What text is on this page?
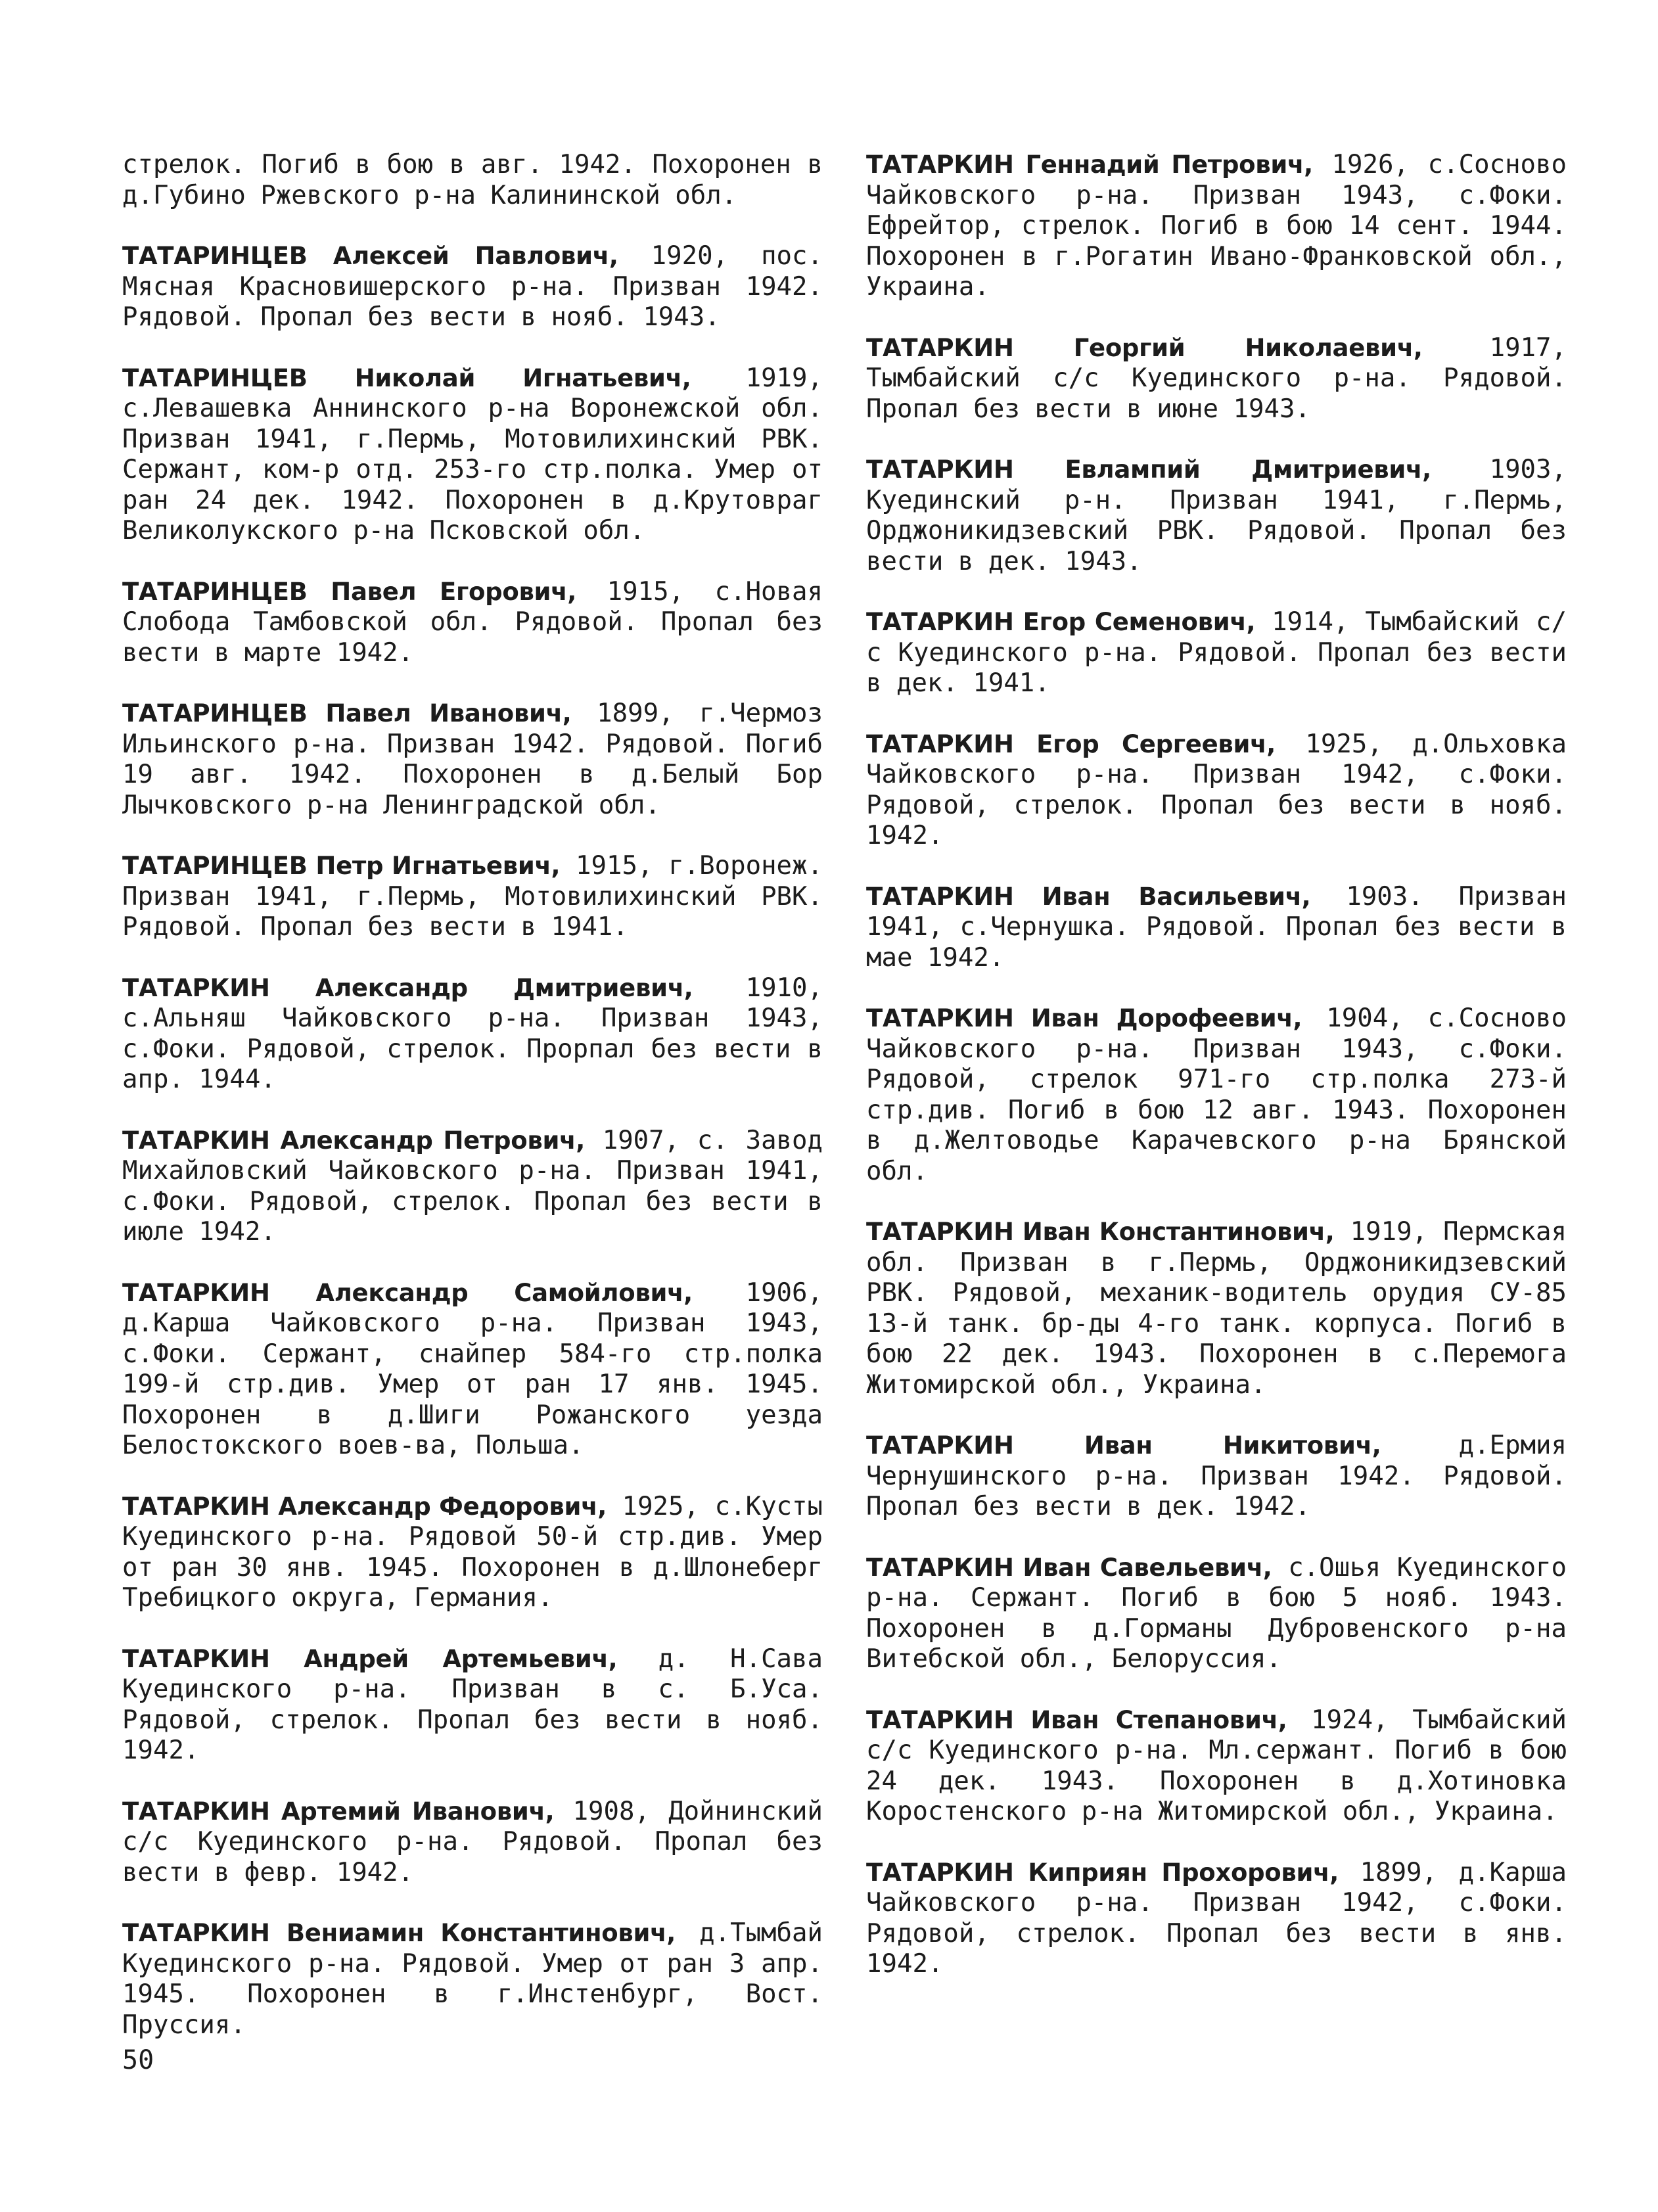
стрелок. Погиб в бою в авг. 1942. Похоронен в д.Губино Ржевского р-на Калининской обл.

ТАТАРИНЦЕВ Алексей Павлович, 1920, пос. Мясная Красновишерского р-на. Призван 1942. Рядовой. Пропал без вести в нояб. 1943.

ТАТАРИНЦЕВ Николай Игнатьевич, 1919, с.Левашевка Аннинского р-на Воронежской обл. Призван 1941, г.Пермь, Мотовилихинский РВК. Сержант, ком-р отд. 253-го стр.полка. Умер от ран 24 дек. 1942. Похоронен в д.Крутовраг Великолукского р-на Псковской обл.

ТАТАРИНЦЕВ Павел Егорович, 1915, с.Новая Слобода Тамбовской обл. Рядовой. Пропал без вести в марте 1942.

ТАТАРИНЦЕВ Павел Иванович, 1899, г.Чермоз Ильинского р-на. Призван 1942. Рядовой. Погиб 19 авг. 1942. Похоронен в д.Белый Бор Лычковского р-на Ленинградской обл.

ТАТАРИНЦЕВ Петр Игнатьевич, 1915, г.Воронеж. Призван 1941, г.Пермь, Мотовилихинский РВК. Рядовой. Пропал без вести в 1941.

ТАТАРКИН Александр Дмитриевич, 1910, с.Альняш Чайковского р-на. Призван 1943, с.Фоки. Рядовой, стрелок. Прорпал без вести в апр. 1944.

ТАТАРКИН Александр Петрович, 1907, с. Завод Михайловский Чайковского р-на. Призван 1941, с.Фоки. Рядовой, стрелок. Пропал без вести в июле 1942.

ТАТАРКИН Александр Самойлович, 1906, д.Карша Чайковского р-на. Призван 1943, с.Фоки. Сержант, снайпер 584-го стр.полка 199-й стр.див. Умер от ран 17 янв. 1945. Похоронен в д.Шиги Рожанского уезда Белостокского воев-ва, Польша.

ТАТАРКИН Александр Федорович, 1925, с.Кусты Куединского р-на. Рядовой 50-й стр.див. Умер от ран 30 янв. 1945. Похоронен в д.Шлонеберг Требицкого округа, Германия.

ТАТАРКИН Андрей Артемьевич, д. Н.Сава Куединского р-на. Призван в с. Б.Уса. Рядовой, стрелок. Пропал без вести в нояб. 1942.

ТАТАРКИН Артемий Иванович, 1908, Дойнинский с/с Куединского р-на. Рядовой. Пропал без вести в февр. 1942.

ТАТАРКИН Вениамин Константинович, д.Тымбай Куединского р-на. Рядовой. Умер от ран 3 апр. 1945. Похоронен в г.Инстенбург, Вост. Пруссия.

ТАТАРКИН Геннадий Петрович, 1926, с.Сосново Чайковского р-на. Призван 1943, с.Фоки. Ефрейтор, стрелок. Погиб в бою 14 сент. 1944. Похоронен в г.Рогатин Ивано-Франковской обл., Украина.

ТАТАРКИН Георгий Николаевич, 1917, Тымбайский с/с Куединского р-на. Рядовой. Пропал без вести в июне 1943.

ТАТАРКИН Евлампий Дмитриевич, 1903, Куединский р-н. Призван 1941, г.Пермь, Орджоникидзевский РВК. Рядовой. Пропал без вести в дек. 1943.

ТАТАРКИН Егор Семенович, 1914, Тымбайский с/с Куединского р-на. Рядовой. Пропал без вести в дек. 1941.

ТАТАРКИН Егор Сергеевич, 1925, д.Ольховка Чайковского р-на. Призван 1942, с.Фоки. Рядовой, стрелок. Пропал без вести в нояб. 1942.

ТАТАРКИН Иван Васильевич, 1903. Призван 1941, с.Чернушка. Рядовой. Пропал без вести в мае 1942.

ТАТАРКИН Иван Дорофеевич, 1904, с.Сосново Чайковского р-на. Призван 1943, с.Фоки. Рядовой, стрелок 971-го стр.полка 273-й стр.див. Погиб в бою 12 авг. 1943. Похоронен в д.Желтоводье Карачевского р-на Брянской обл.

ТАТАРКИН Иван Константинович, 1919, Пермская обл. Призван в г.Пермь, Орджоникидзевский РВК. Рядовой, механик-водитель орудия СУ-85 13-й танк. бр-ды 4-го танк. корпуса. Погиб в бою 22 дек. 1943. Похоронен в с.Перемога Житомирской обл., Украина.

ТАТАРКИН Иван Никитович, д.Ермия Чернушинского р-на. Призван 1942. Рядовой. Пропал без вести в дек. 1942.

ТАТАРКИН Иван Савельевич, с.Ошья Куединского р-на. Сержант. Погиб в бою 5 нояб. 1943. Похоронен в д.Горманы Дубровенского р-на Витебской обл., Белоруссия.

ТАТАРКИН Иван Степанович, 1924, Тымбайский с/с Куединского р-на. Мл.сержант. Погиб в бою 24 дек. 1943. Похоронен в д.Хотиновка Коростенского р-на Житомирской обл., Украина.

ТАТАРКИН Киприян Прохорович, 1899, д.Карша Чайковского р-на. Призван 1942, с.Фоки. Рядовой, стрелок. Пропал без вести в янв. 1942.

50
